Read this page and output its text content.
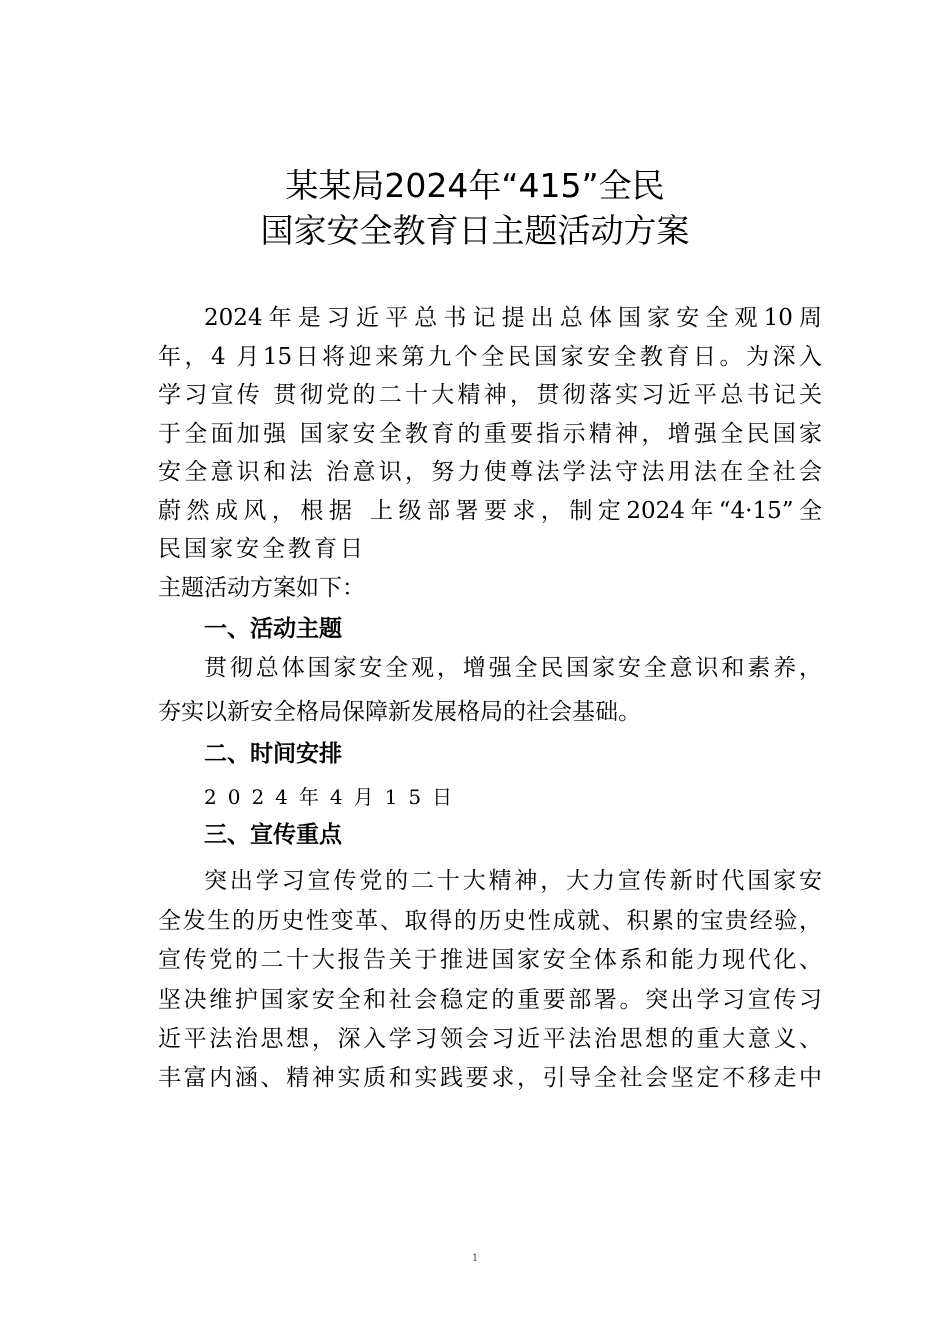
某某局2024年“415”全民
国家安全教育日主题活动方案

2024年是习近平总书记提出总体国家安全观10周

年，4 月15日将迎来第九个全民国家安全教育日。为深入

学习宣传 贯彻党的二十大精神，贯彻落实习近平总书记关

于全面加强 国家安全教育的重要指示精神，增强全民国家

安全意识和法 治意识，努力使尊法学法守法用法在全社会

蔚然成风，根据 上级部署要求，制定2024年“4·15”全

民国家安全教育日

主题活动方案如下：

一、活动主题

贯彻总体国家安全观，增强全民国家安全意识和素养，

夯实以新安全格局保障新发展格局的社会基础。

二、时间安排

2024年4月15日

三、宣传重点

突出学习宣传党的二十大精神，大力宣传新时代国家安

全发生的历史性变革、取得的历史性成就、积累的宝贵经验，

宣传党的二十大报告关于推进国家安全体系和能力现代化、

坚决维护国家安全和社会稳定的重要部署。突出学习宣传习

近平法治思想，深入学习领会习近平法治思想的重大意义、

丰富内涵、精神实质和实践要求，引导全社会坚定不移走中

1
